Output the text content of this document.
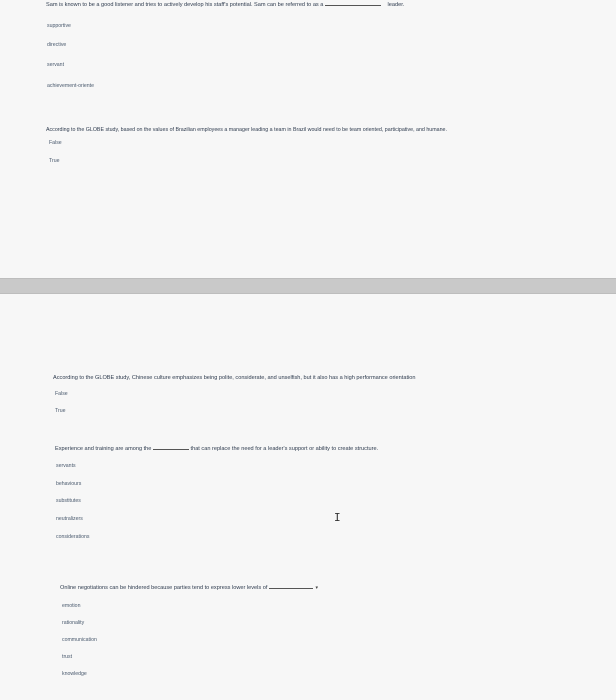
Sam is known to be a good listener and tries to actively develop his staff's potential. Sam can be referred to as a	leader.
supportive
directive
servant
achievement-oriente
According to the GLOBE study, based on the values of Brazilian employees a manager leading a team in Brazil would need to be team oriented, participative, and humane.
False
True
According to the GLOBE study, Chinese culture emphasizes being polite, considerate, and unselfish, but it also has a high performance orientation
False
True
Experience and training are among the	that can replace the need for a leader's support or ability to create structure.
servants
behaviours
substitutes
neutralizers
considerations
I
Online negotiations can be hindered because parties tend to express lower levels of	▾
emotion
rationality
communication
trust
knowledge
